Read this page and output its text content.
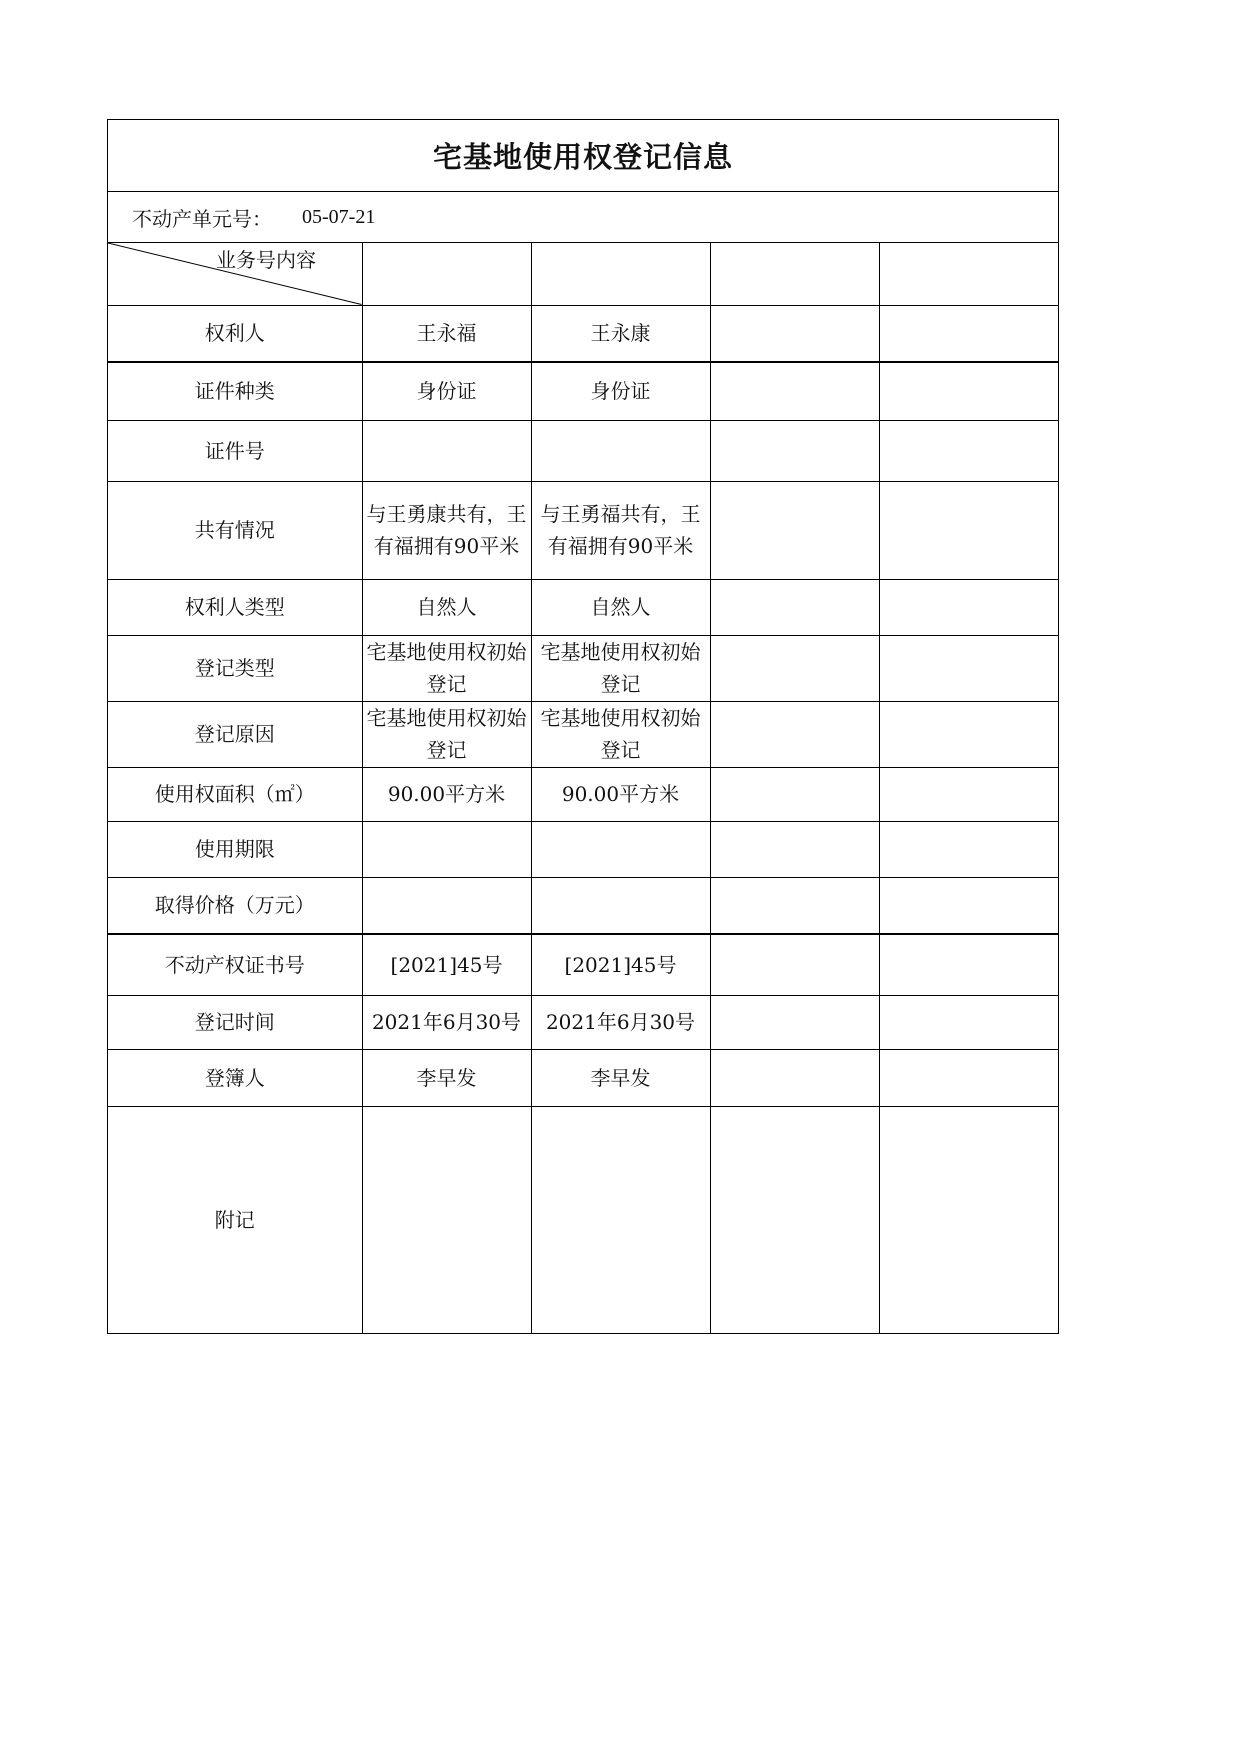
宅基地使用权登记信息
不动产单元号： 05-07-21
业务号内容				

权利人	王永福	王永康		
证件种类	身份证	身份证		
证件号				
共有情况	与王勇康共有，王有福拥有90平米	与王勇福共有，王有福拥有90平米		
权利人类型	自然人	自然人		
登记类型	宅基地使用权初始登记	宅基地使用权初始登记		
登记原因	宅基地使用权初始登记	宅基地使用权初始登记		
使用权面积（㎡）	90.00平方米	90.00平方米		
使用期限				
取得价格（万元）				
不动产权证书号	[2021]45号	[2021]45号		
登记时间	2021年6月30号	2021年6月30号		
登簿人	李早发	李早发		
附记				
